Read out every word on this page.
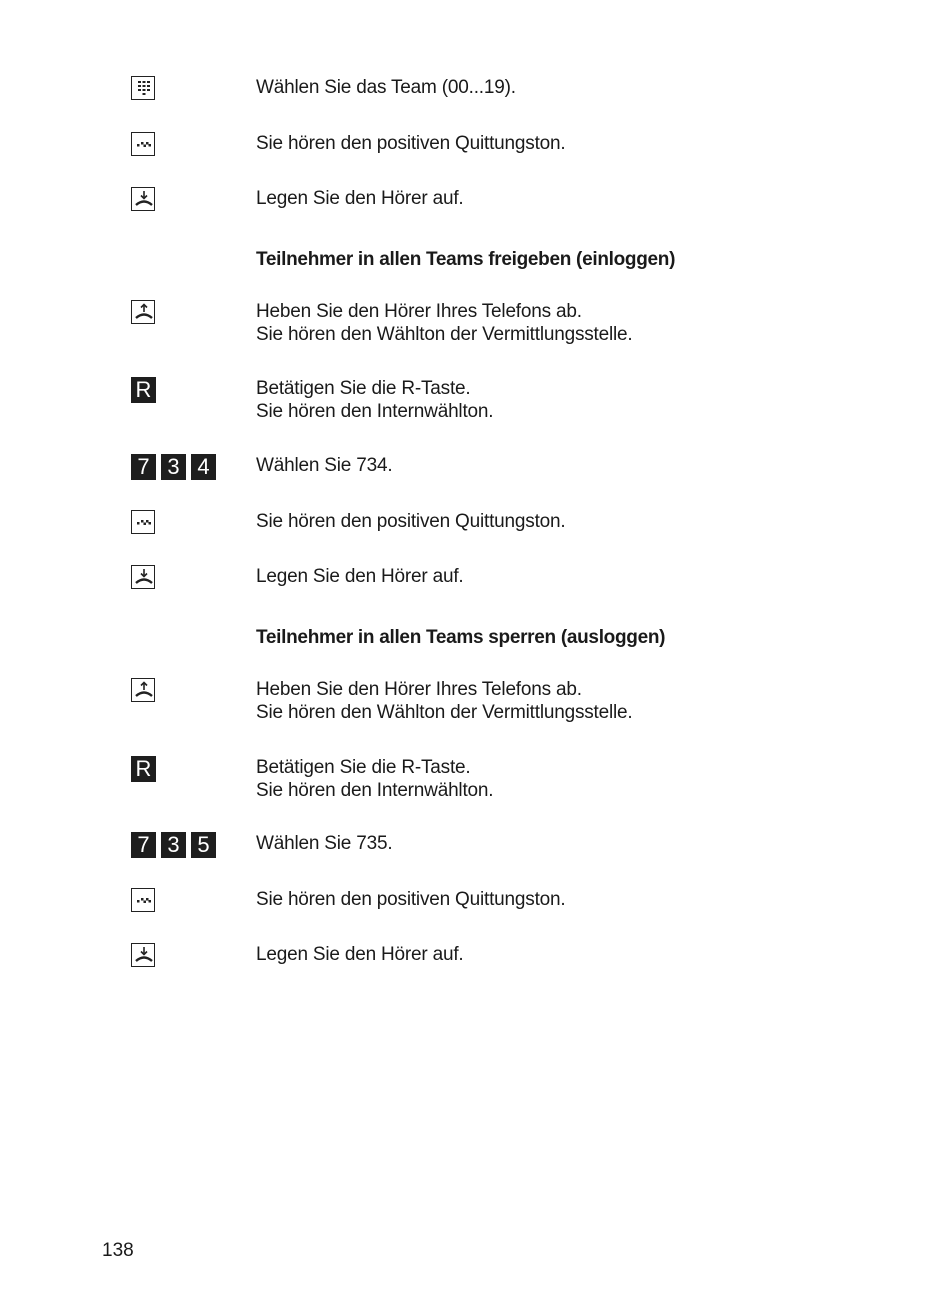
Wählen Sie das Team (00...19).
Sie hören den positiven Quittungston.
Legen Sie den Hörer auf.
Teilnehmer in allen Teams freigeben (einloggen)
Heben Sie den Hörer Ihres Telefons ab.
Sie hören den Wählton der Vermittlungsstelle.
R	Betätigen Sie die R-Taste.
Sie hören den Internwählton.
7 3 4	Wählen Sie 734.
Sie hören den positiven Quittungston.
Legen Sie den Hörer auf.
Teilnehmer in allen Teams sperren (ausloggen)
Heben Sie den Hörer Ihres Telefons ab.
Sie hören den Wählton der Vermittlungsstelle.
R	Betätigen Sie die R-Taste.
Sie hören den Internwählton.
7 3 5	Wählen Sie 735.
Sie hören den positiven Quittungston.
Legen Sie den Hörer auf.
138
